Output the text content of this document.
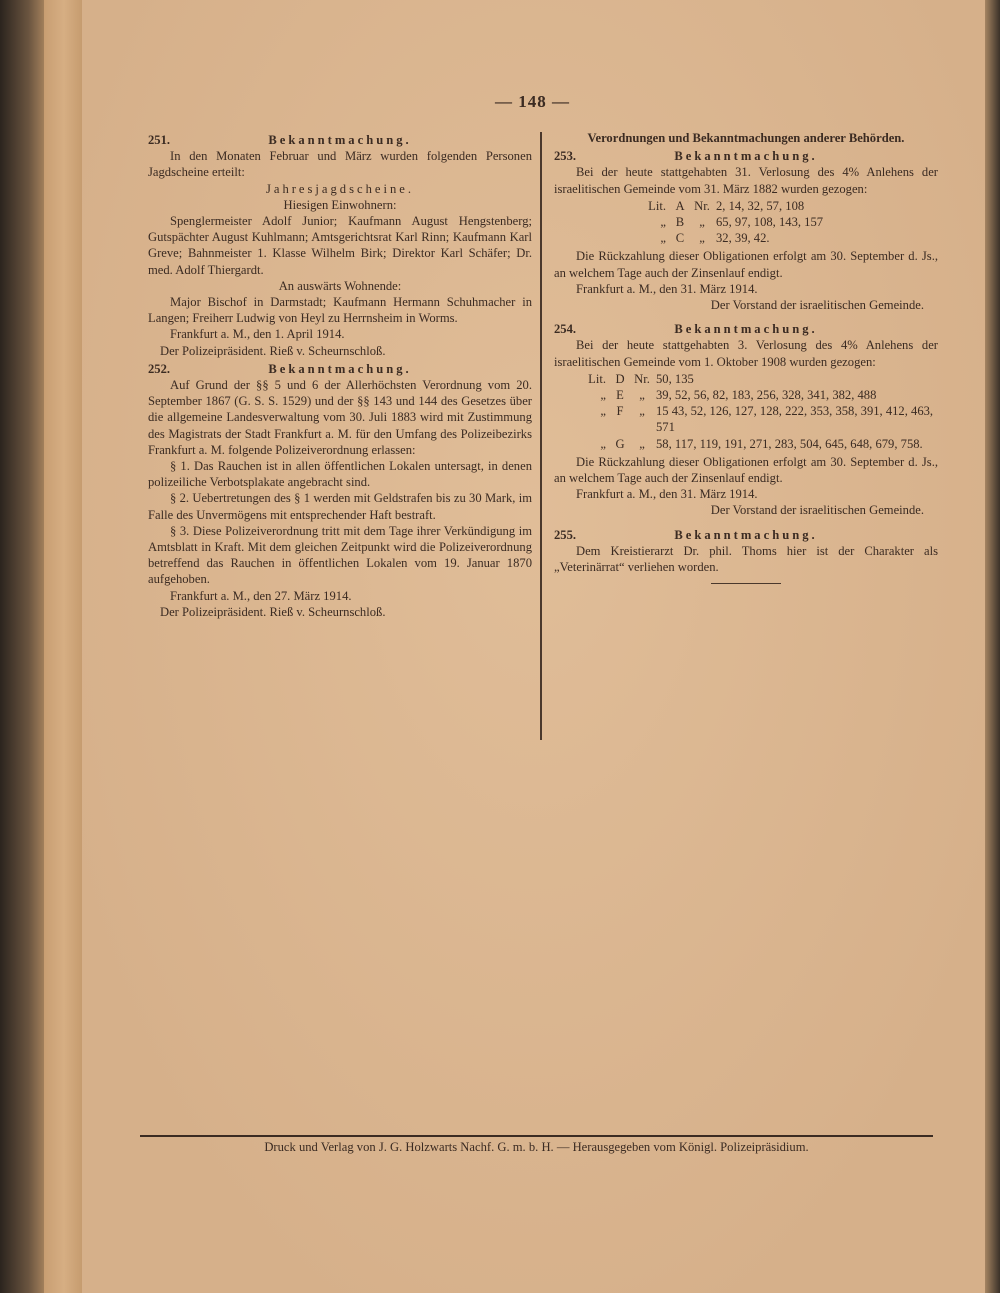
— 148 —
251.	Bekanntmachung.

In den Monaten Februar und März wurden folgenden Personen Jagdscheine erteilt:

Jahresjagdscheine.

Hiesigen Einwohnern:

Spenglermeister Adolf Junior; Kaufmann August Hengstenberg; Gutspächter August Kuhlmann; Amtsgerichtsrat Karl Rinn; Kaufmann Karl Greve; Bahnmeister 1. Klasse Wilhelm Birk; Direktor Karl Schäfer; Dr. med. Adolf Thiergardt.

An auswärts Wohnende:

Major Bischof in Darmstadt; Kaufmann Hermann Schuhmacher in Langen; Freiherr Ludwig von Heyl zu Herrnsheim in Worms.

Frankfurt a. M., den 1. April 1914.

Der Polizeipräsident. Rieß v. Scheurnschloß.

252.	Bekanntmachung.

Auf Grund der §§ 5 und 6 der Allerhöchsten Verordnung vom 20. September 1867 (G. S. S. 1529) und der §§ 143 und 144 des Gesetzes über die allgemeine Landesverwaltung vom 30. Juli 1883 wird mit Zustimmung des Magistrats der Stadt Frankfurt a. M. für den Umfang des Polizeibezirks Frankfurt a. M. folgende Polizeiverordnung erlassen:

§ 1. Das Rauchen ist in allen öffentlichen Lokalen untersagt, in denen polizeiliche Verbotsplakate angebracht sind.

§ 2. Uebertretungen des § 1 werden mit Geldstrafen bis zu 30 Mark, im Falle des Unvermögens mit entsprechender Haft bestraft.

§ 3. Diese Polizeiverordnung tritt mit dem Tage ihrer Verkündigung im Amtsblatt in Kraft. Mit dem gleichen Zeitpunkt wird die Polizeiverordnung betreffend das Rauchen in öffentlichen Lokalen vom 19. Januar 1870 aufgehoben.

Frankfurt a. M., den 27. März 1914.

Der Polizeipräsident. Rieß v. Scheurnschloß.

Verordnungen und Bekanntmachungen anderer Behörden.
253.	Bekanntmachung.

Bei der heute stattgehabten 31. Verlosung des 4% Anlehens der israelitischen Gemeinde vom 31. März 1882 wurden gezogen:

Lit. A Nr. 2, 14, 32, 57, 108
„ B	„ 65, 97, 108, 143, 157
„ C	„ 32, 39, 42.

Die Rückzahlung dieser Obligationen erfolgt am 30. September d. Js., an welchem Tage auch der Zinsenlauf endigt.

Frankfurt a. M., den 31. März 1914.

Der Vorstand der israelitischen Gemeinde.

254.	Bekanntmachung.

Bei der heute stattgehabten 3. Verlosung des 4% Anlehens der israelitischen Gemeinde vom 1. Oktober 1908 wurden gezogen:

Lit. D Nr. 50, 135
„ E	„ 39, 52, 56, 82, 183, 256, 328, 341, 382, 488
„ F	„ 15 43, 52, 126, 127, 128, 222, 353, 358, 391, 412, 463, 571
„ G	„ 58, 117, 119, 191, 271, 283, 504, 645, 648, 679, 758.

Die Rückzahlung dieser Obligationen erfolgt am 30. September d. Js., an welchem Tage auch der Zinsenlauf endigt.

Frankfurt a. M., den 31. März 1914.

Der Vorstand der israelitischen Gemeinde.

255.	Bekanntmachung.

Dem Kreistierarzt Dr. phil. Thoms hier ist der Charakter als „Veterinärrat“ verliehen worden.

Druck und Verlag von J. G. Holzwarts Nachf. G. m. b. H. — Herausgegeben vom Königl. Polizeipräsidium.
